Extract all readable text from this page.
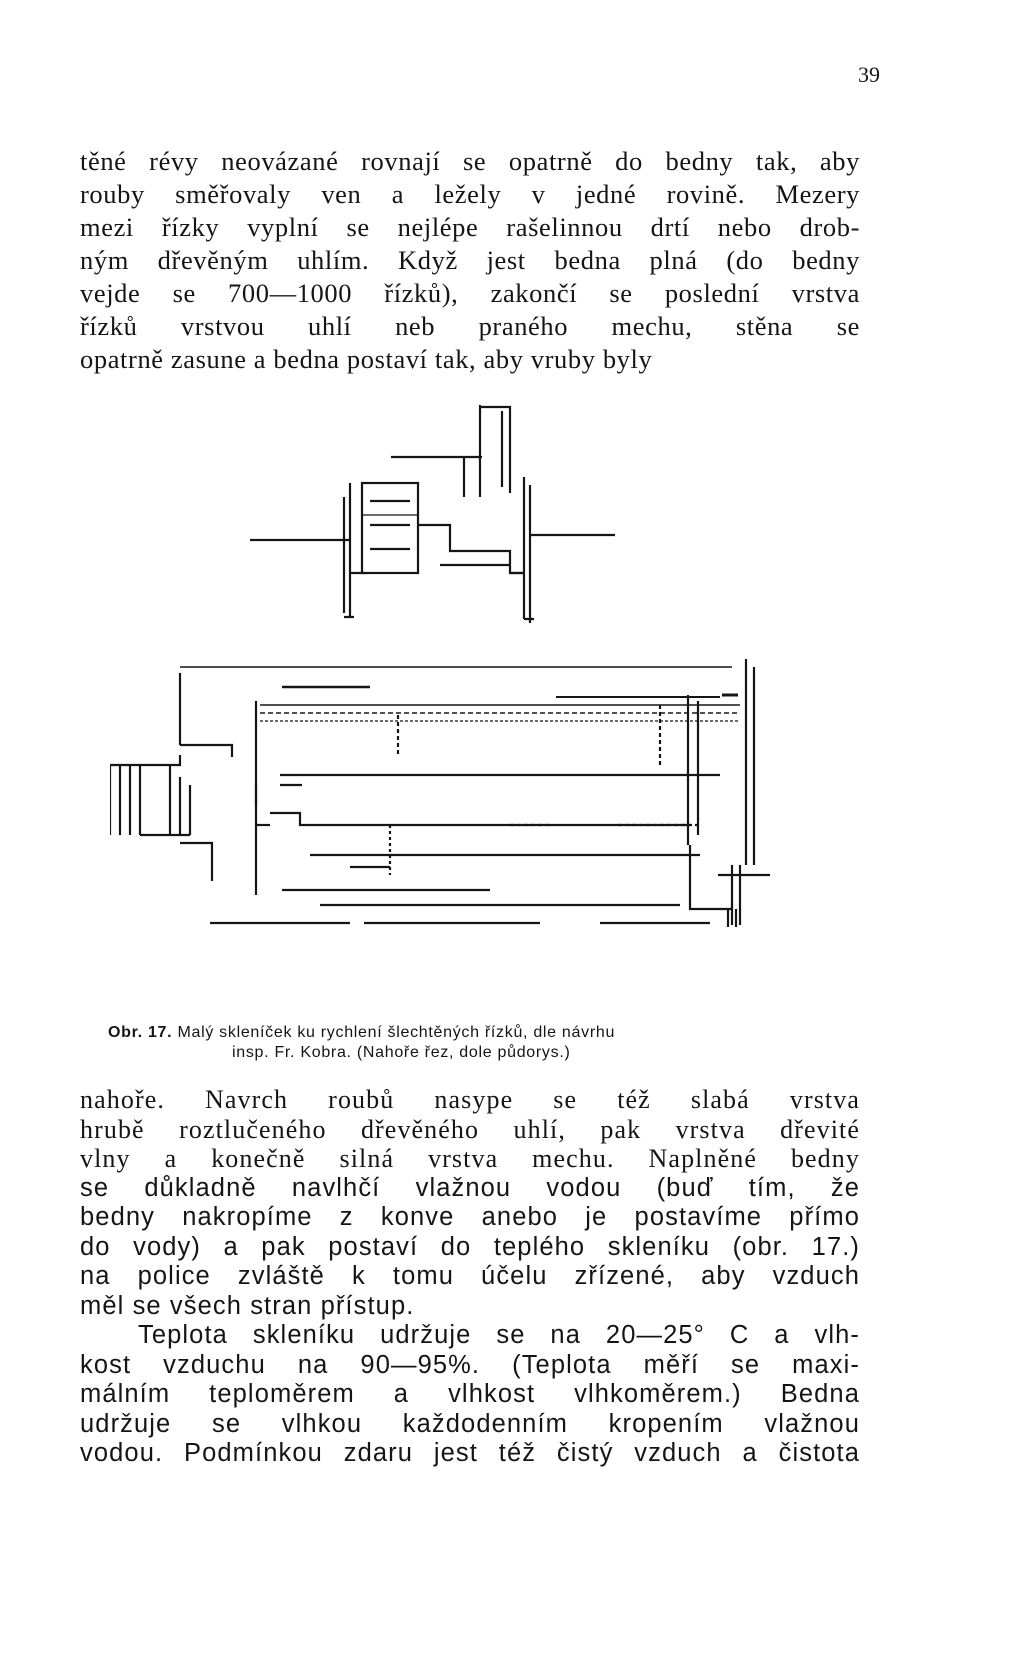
39
těné révy neovázané rovnají se opatrně do bedny tak, aby
rouby směřovaly ven a ležely v jedné rovině. Mezery
mezi řízky vyplní se nejlépe rašelinnou drtí nebo drob-
ným dřevěným uhlím. Když jest bedna plná (do bedny
vejde se 700—1000 řízků), zakončí se poslední vrstva
řízků vrstvou uhlí neb praného mechu, stěna se
opatrně zasune a bedna postaví tak, aby vruby byly
Obr. 17. Malý skleníček ku rychlení šlechtěných řízků, dle návrhu
insp. Fr. Kobra. (Nahoře řez, dole půdorys.)
nahoře. Navrch roubů nasype se též slabá vrstva
hrubě roztlučeného dřevěného uhlí, pak vrstva dřevité
vlny a konečně silná vrstva mechu. Naplněné bedny
se důkladně navlhčí vlažnou vodou (buď tím, že
bedny nakropíme z konve anebo je postavíme přímo
do vody) a pak postaví do teplého skleníku (obr. 17.)
na police zvláště k tomu účelu zřízené, aby vzduch
měl se všech stran přístup.
Teplota skleníku udržuje se na 20—25° C a vlh-
kost vzduchu na 90—95%. (Teplota měří se maxi-
málním teploměrem a vlhkost vlhkoměrem.) Bedna
udržuje se vlhkou každodenním kropením vlažnou
vodou. Podmínkou zdaru jest též čistý vzduch a čistota
